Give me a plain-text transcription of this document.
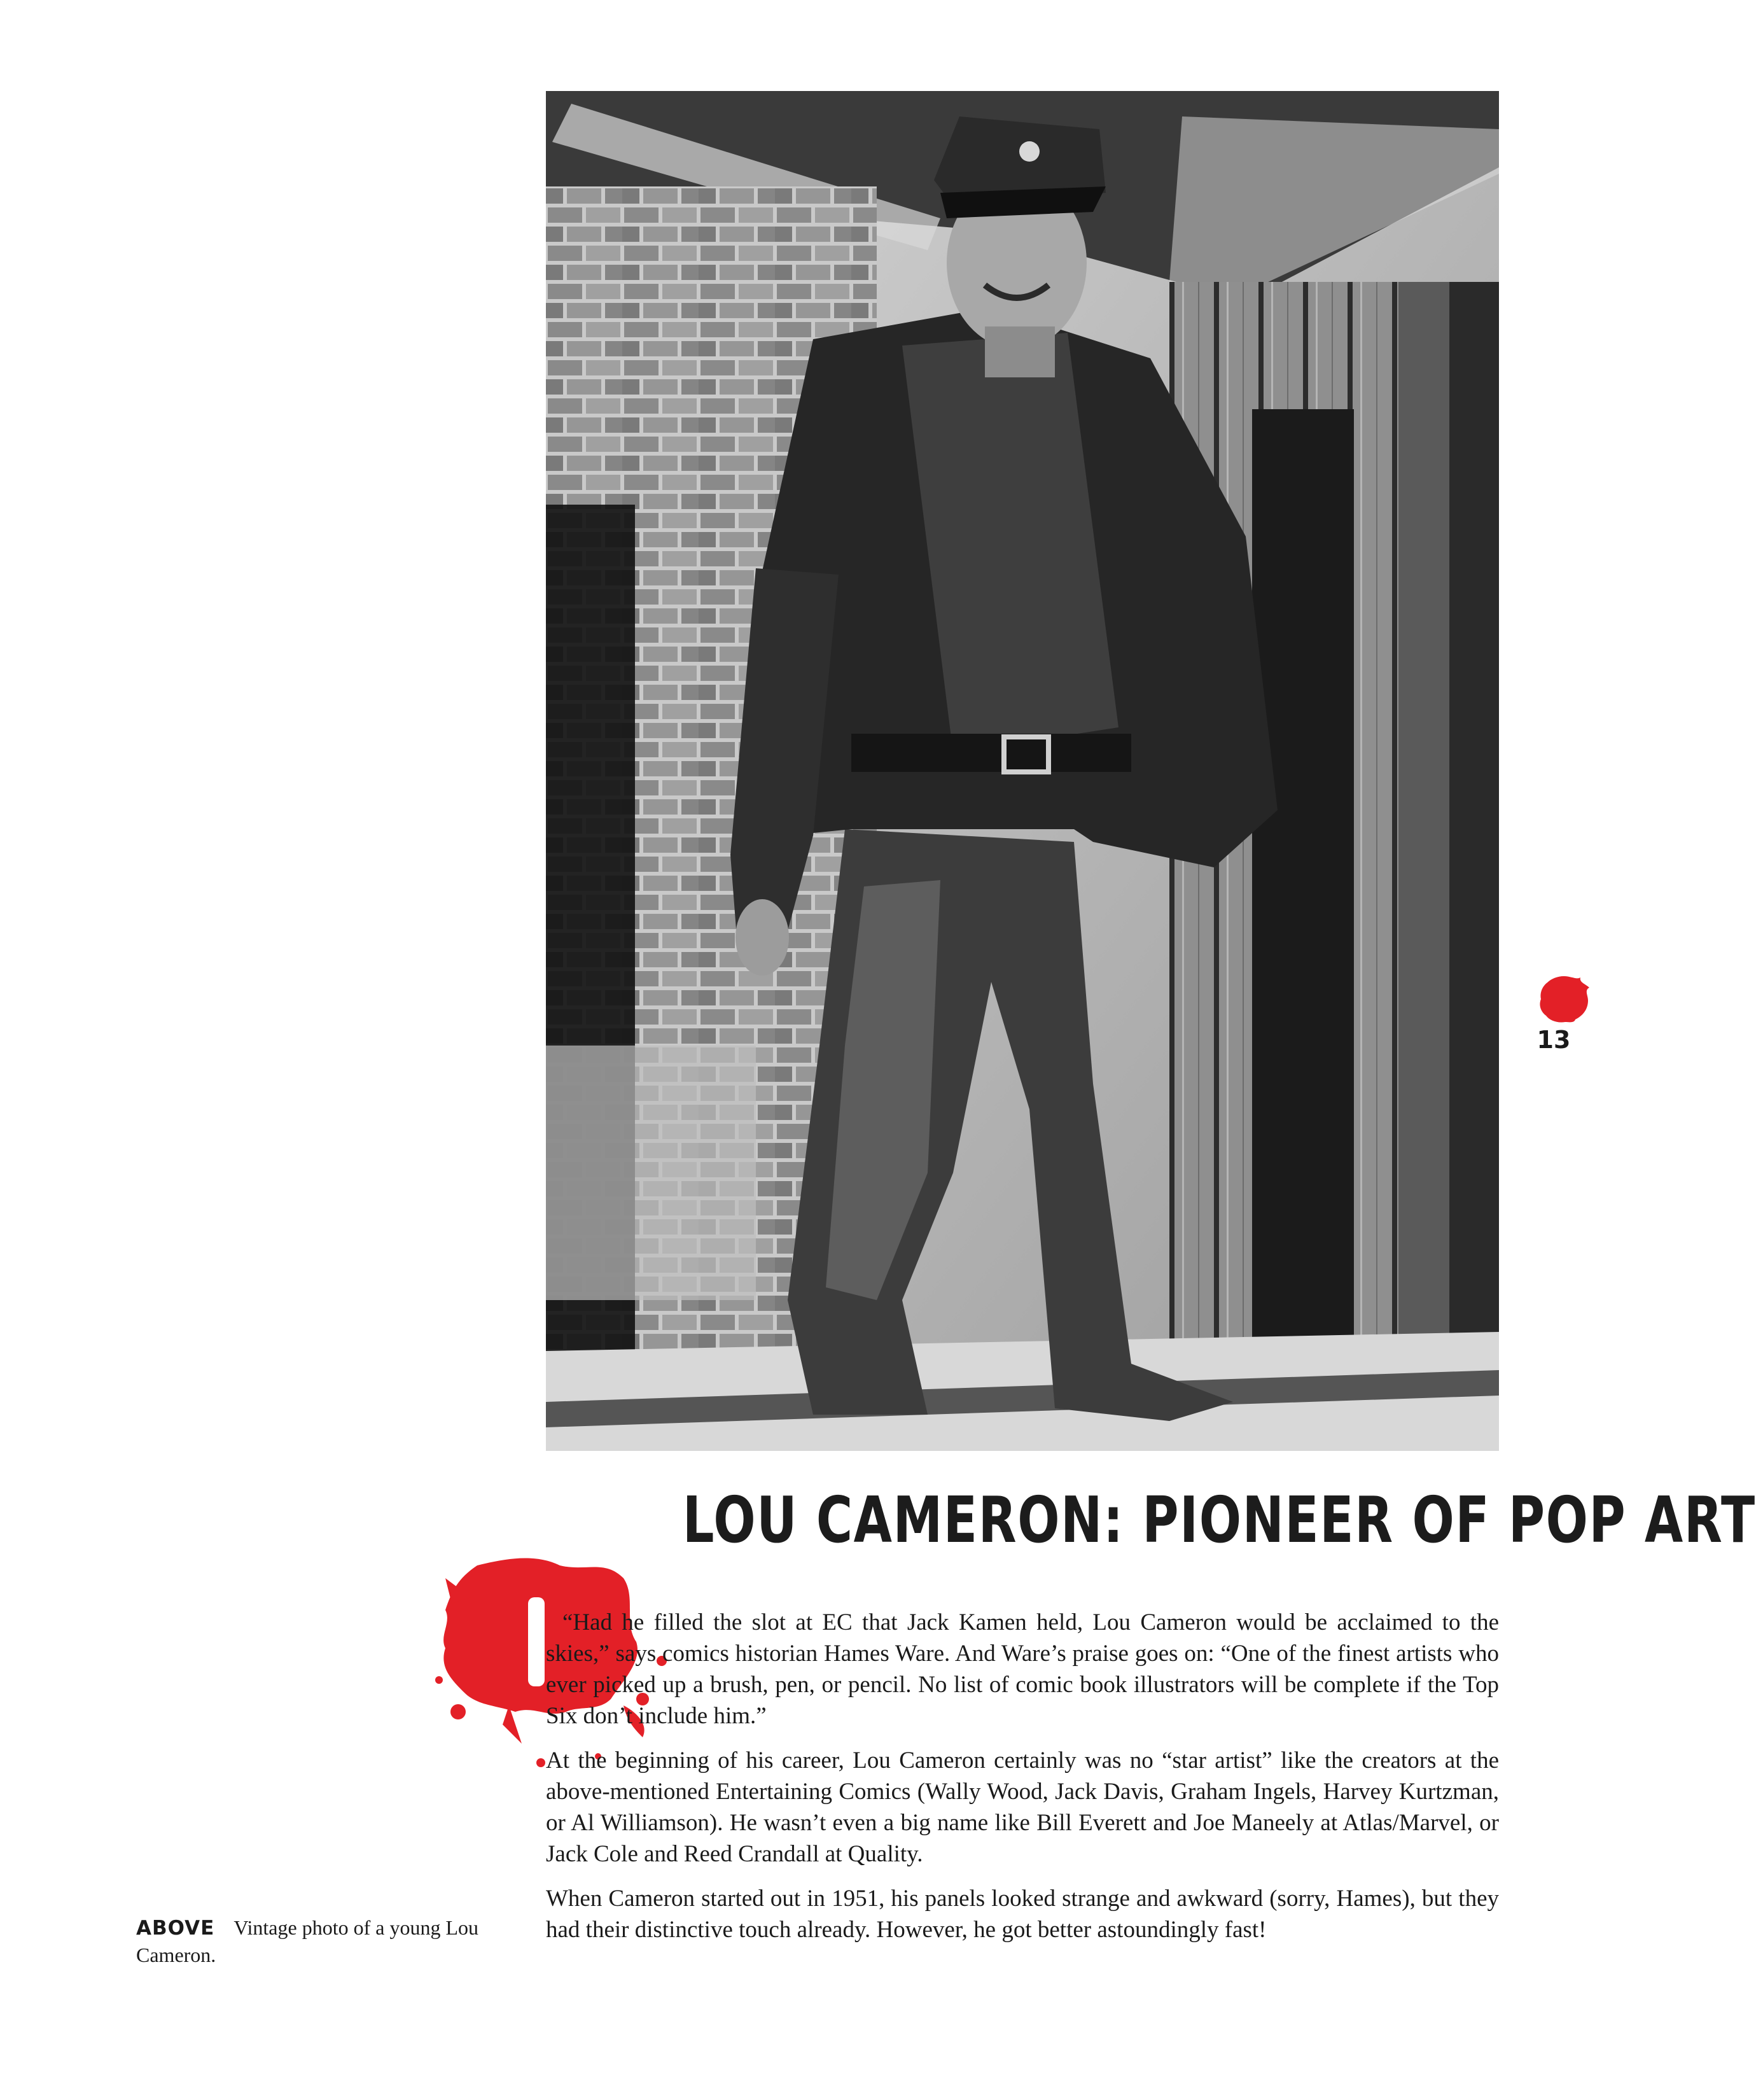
13
LOU CAMERON: PIONEER OF POP ART

“Had he filled the slot at EC that Jack Kamen held, Lou Cameron would be acclaimed to the skies,” says comics historian Hames Ware. And Ware’s praise goes on: “One of the finest artists who ever picked up a brush, pen, or pencil. No list of comic book illustrators will be complete if the Top Six don’t include him.”

At the beginning of his career, Lou Cameron certainly was no “star artist” like the creators at the above-mentioned Entertaining Comics (Wally Wood, Jack Davis, Graham Ingels, Harvey Kurtzman, or Al Williamson). He wasn’t even a big name like Bill Everett and Joe Maneely at Atlas/Marvel, or Jack Cole and Reed Crandall at Quality.

When Cameron started out in 1951, his panels looked strange and awkward (sorry, Hames), but they had their distinctive touch already. However, he got better astoundingly fast!

ABOVE Vintage photo of a young Lou Cameron.
